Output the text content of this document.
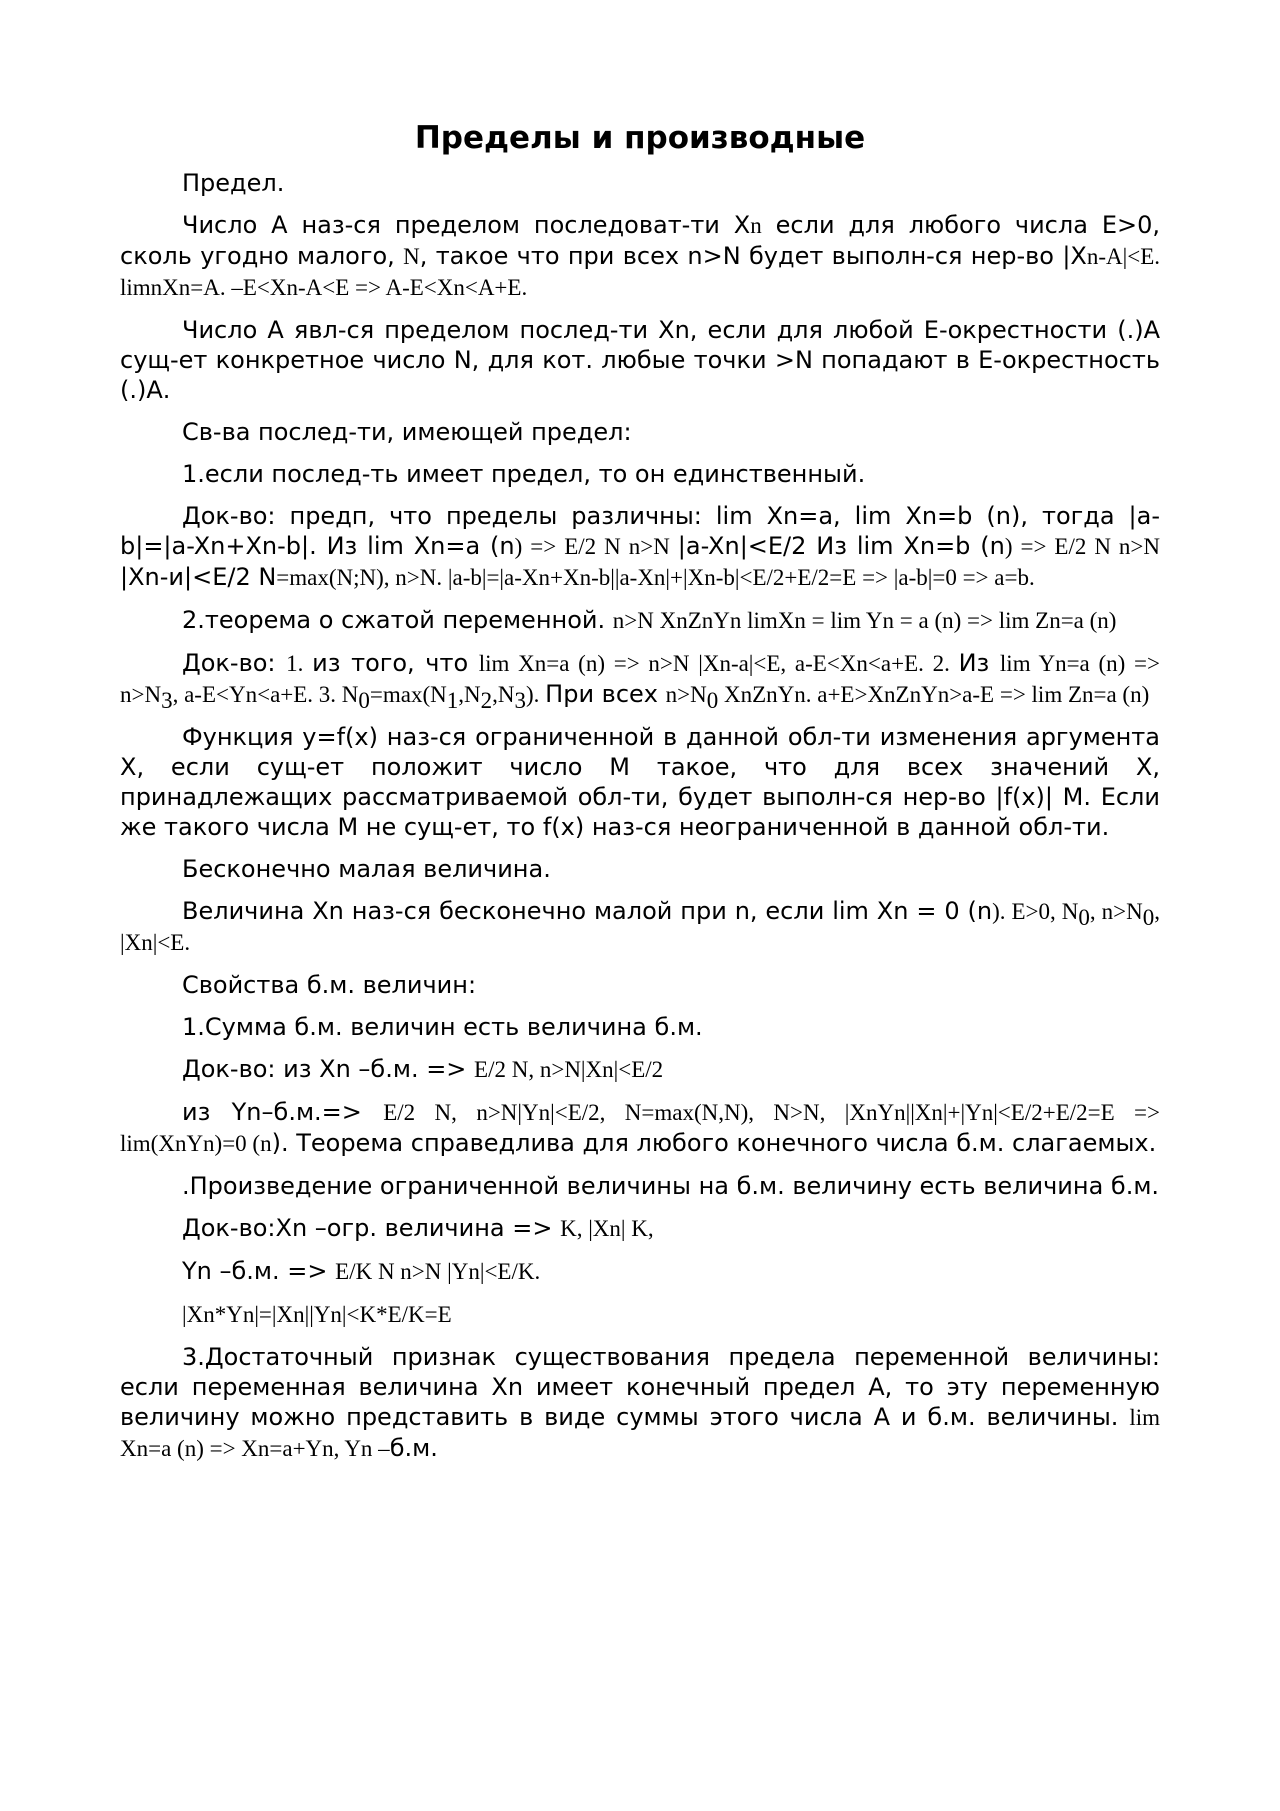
Пределы и производные

Предел.

Число А наз-ся пределом последоват-ти Xn если для любого числа Е>0, сколь угодно малого, N, такое что при всех n>N будет выполн-ся нер-во |Xn-A|<E. limnXn=A. –E<Xn-A<E => A-E<Xn<A+E.

Число А явл-ся пределом послед-ти Xn, если для любой Е-окрестности (.)А сущ-ет конкретное число N, для кот. любые точки >N попадают в Е-окрестность (.)А.

Св-ва послед-ти, имеющей предел:

1.если послед-ть имеет предел, то он единственный.

Док-во: предп, что пределы различны: lim Xn=a, lim Xn=b (n), тогда |a-b|=|a-Xn+Xn-b|. Из lim Xn=a (n) => E/2 N n>N |a-Xn|<E/2 Из lim Xn=b (n) => E/2 N n>N |Xn-и|<E/2 N=max(N;N), n>N. |a-b|=|a-Xn+Xn-b||a-Xn|+|Xn-b|<E/2+E/2=E => |a-b|=0 => a=b.

2.теорема о сжатой переменной. n>N XnZnYn limXn = lim Yn = a (n) => lim Zn=a (n)

Док-во: 1. из того, что lim Xn=a (n) => n>N |Xn-a|<E, a-E<Xn<a+E. 2. Из lim Yn=a $(n) => n>N_3$, a-E<Yn<a+E. 3. $N_0=\max(N_1,N_2,N_3)$. При всех $n>N_0$ XnZnYn. a+E>XnZnYn>a-E => lim Zn=a (n)

Функция y=f(x) наз-ся ограниченной в данной обл-ти изменения аргумента Х, если сущ-ет положит число М такое, что для всех значений Х, принадлежащих рассматриваемой обл-ти, будет выполн-ся нер-во |f(x)| M. Если же такого числа М не сущ-ет, то f(x) наз-ся неограниченной в данной обл-ти.

Бесконечно малая величина.

Величина Xn наз-ся бесконечно малой при n, если lim Xn = 0 (n). E>0, $N_0$, $n>N_0$, |Xn|<E.

Свойства б.м. величин:

1.Сумма б.м. величин есть величина б.м.

Док-во: из Xn –б.м. => E/2 N, n>N|Xn|<E/2

из Yn–б.м.=> E/2 N, n>N|Yn|<E/2, N=max(N,N), N>N, |XnYn||Xn|+|Yn|<E/2+E/2=E => lim(XnYn)=0 (n). Теорема справедлива для любого конечного числа б.м. слагаемых.

.Произведение ограниченной величины на б.м. величину есть величина б.м.

Док-во:Xn –огр. величина => K, |Xn| K,

Yn –б.м. => E/K N n>N |Yn|<E/K.

|Xn*Yn|=|Xn||Yn|<K*E/K=E

3.Достаточный признак существования предела переменной величины: если переменная величина Xn имеет конечный предел А, то эту переменную величину можно представить в виде суммы этого числа А и б.м. величины. lim Xn=a (n) => Xn=a+Yn, Yn –б.м.
